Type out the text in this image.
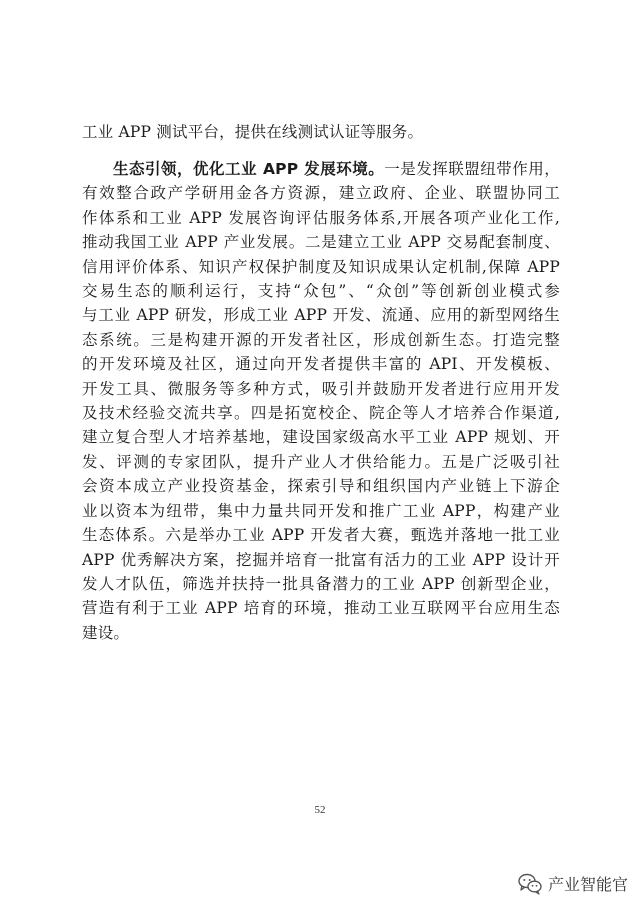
工业 APP 测试平台，提供在线测试认证等服务。
生态引领，优化工业 APP 发展环境。一是发挥联盟纽带作用，
有效整合政产学研用金各方资源，建立政府、企业、联盟协同工
作体系和工业 APP 发展咨询评估服务体系,开展各项产业化工作,
推动我国工业 APP 产业发展。二是建立工业 APP 交易配套制度、
信用评价体系、知识产权保护制度及知识成果认定机制,保障 APP
交易生态的顺利运行，支持“众包”、“众创”等创新创业模式参
与工业 APP 研发，形成工业 APP 开发、流通、应用的新型网络生
态系统。三是构建开源的开发者社区，形成创新生态。打造完整
的开发环境及社区，通过向开发者提供丰富的 API、开发模板、
开发工具、微服务等多种方式，吸引并鼓励开发者进行应用开发
及技术经验交流共享。四是拓宽校企、院企等人才培养合作渠道,
建立复合型人才培养基地，建设国家级高水平工业 APP 规划、开
发、评测的专家团队，提升产业人才供给能力。五是广泛吸引社
会资本成立产业投资基金，探索引导和组织国内产业链上下游企
业以资本为纽带，集中力量共同开发和推广工业 APP，构建产业
生态体系。六是举办工业 APP 开发者大赛，甄选并落地一批工业
APP 优秀解决方案，挖掘并培育一批富有活力的工业 APP 设计开
发人才队伍，筛选并扶持一批具备潜力的工业 APP 创新型企业，
营造有利于工业 APP 培育的环境，推动工业互联网平台应用生态
建设。
52
产业智能官
